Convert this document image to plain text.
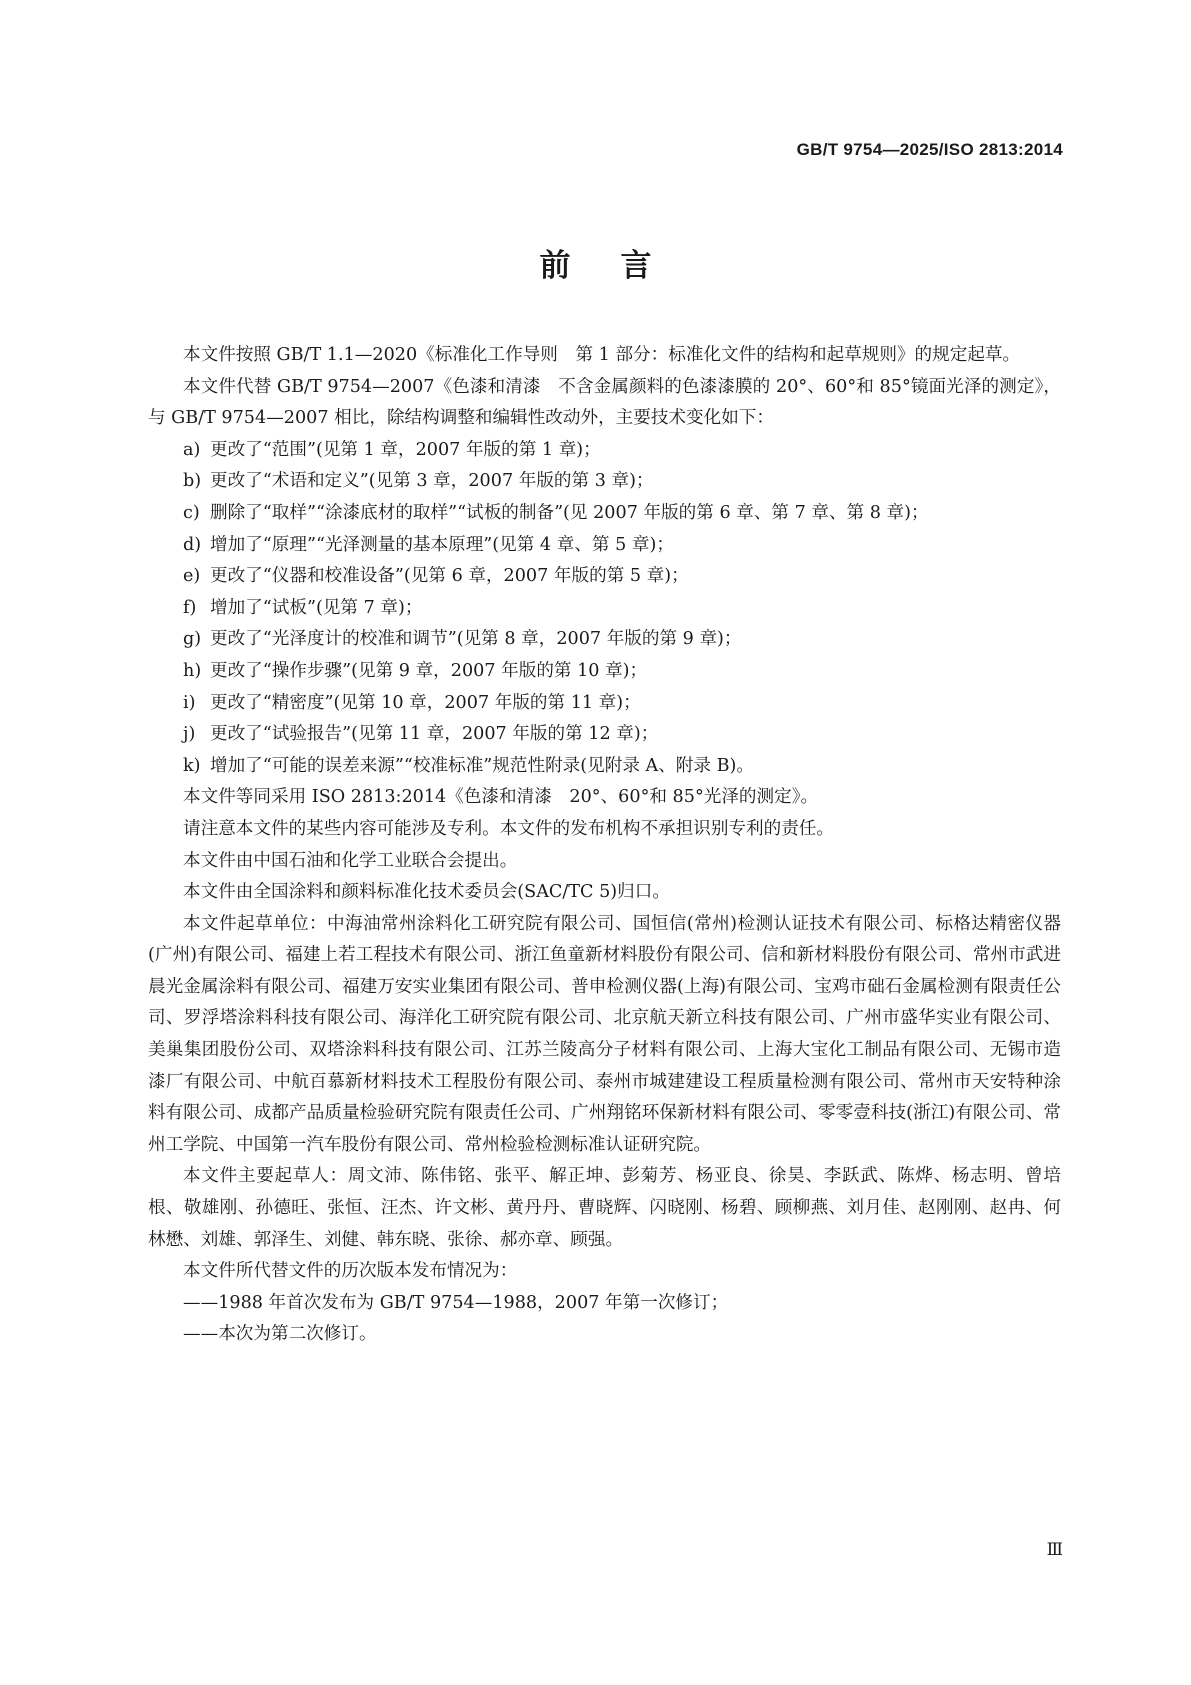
GB/T 9754—2025/ISO 2813:2014
前言

本文件按照 GB/T 1.1—2020《标准化工作导则　第 1 部分：标准化文件的结构和起草规则》的规定起草。

本文件代替 GB/T 9754—2007《色漆和清漆　不含金属颜料的色漆漆膜的 20°、60°和 85°镜面光泽的测定》，与 GB/T 9754—2007 相比，除结构调整和编辑性改动外，主要技术变化如下：

a) 更改了“范围”(见第 1 章，2007 年版的第 1 章)；

b) 更改了“术语和定义”(见第 3 章，2007 年版的第 3 章)；

c) 删除了“取样”“涂漆底材的取样”“试板的制备”(见 2007 年版的第 6 章、第 7 章、第 8 章)；

d) 增加了“原理”“光泽测量的基本原理”(见第 4 章、第 5 章)；

e) 更改了“仪器和校准设备”(见第 6 章，2007 年版的第 5 章)；

f) 增加了“试板”(见第 7 章)；

g) 更改了“光泽度计的校准和调节”(见第 8 章，2007 年版的第 9 章)；

h) 更改了“操作步骤”(见第 9 章，2007 年版的第 10 章)；

i) 更改了“精密度”(见第 10 章，2007 年版的第 11 章)；

j) 更改了“试验报告”(见第 11 章，2007 年版的第 12 章)；

k) 增加了“可能的误差来源”“校准标准”规范性附录(见附录 A、附录 B)。

本文件等同采用 ISO 2813:2014《色漆和清漆　20°、60°和 85°光泽的测定》。

请注意本文件的某些内容可能涉及专利。本文件的发布机构不承担识别专利的责任。

本文件由中国石油和化学工业联合会提出。

本文件由全国涂料和颜料标准化技术委员会(SAC/TC 5)归口。

本文件起草单位：中海油常州涂料化工研究院有限公司、国恒信(常州)检测认证技术有限公司、标格达精密仪器(广州)有限公司、福建上若工程技术有限公司、浙江鱼童新材料股份有限公司、信和新材料股份有限公司、常州市武进晨光金属涂料有限公司、福建万安实业集团有限公司、普申检测仪器(上海)有限公司、宝鸡市础石金属检测有限责任公司、罗浮塔涂料科技有限公司、海洋化工研究院有限公司、北京航天新立科技有限公司、广州市盛华实业有限公司、美巢集团股份公司、双塔涂料科技有限公司、江苏兰陵高分子材料有限公司、上海大宝化工制品有限公司、无锡市造漆厂有限公司、中航百慕新材料技术工程股份有限公司、泰州市城建建设工程质量检测有限公司、常州市天安特种涂料有限公司、成都产品质量检验研究院有限责任公司、广州翔铭环保新材料有限公司、零零壹科技(浙江)有限公司、常州工学院、中国第一汽车股份有限公司、常州检验检测标准认证研究院。

本文件主要起草人：周文沛、陈伟铭、张平、解正坤、彭菊芳、杨亚良、徐昊、李跃武、陈烨、杨志明、曾培根、敬雄刚、孙德旺、张恒、汪杰、许文彬、黄丹丹、曹晓辉、闪晓刚、杨碧、顾柳燕、刘月佳、赵刚刚、赵冉、何林懋、刘雄、郭泽生、刘健、韩东晓、张徐、郝亦章、顾强。

本文件所代替文件的历次版本发布情况为：

——1988 年首次发布为 GB/T 9754—1988，2007 年第一次修订；

——本次为第二次修订。

Ⅲ
